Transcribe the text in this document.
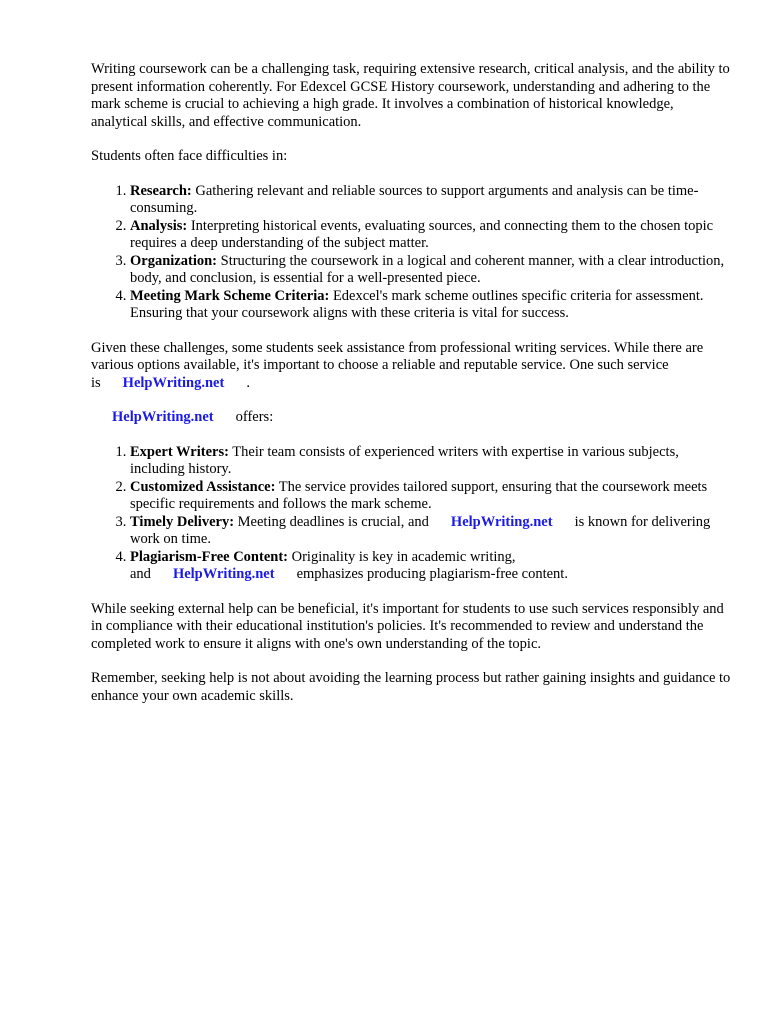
Writing coursework can be a challenging task, requiring extensive research, critical analysis, and the ability to present information coherently. For Edexcel GCSE History coursework, understanding and adhering to the mark scheme is crucial to achieving a high grade. It involves a combination of historical knowledge, analytical skills, and effective communication.

Students often face difficulties in:

1. Research: Gathering relevant and reliable sources to support arguments and analysis can be time-consuming.
2. Analysis: Interpreting historical events, evaluating sources, and connecting them to the chosen topic requires a deep understanding of the subject matter.
3. Organization: Structuring the coursework in a logical and coherent manner, with a clear introduction, body, and conclusion, is essential for a well-presented piece.
4. Meeting Mark Scheme Criteria: Edexcel's mark scheme outlines specific criteria for assessment. Ensuring that your coursework aligns with these criteria is vital for success.

Given these challenges, some students seek assistance from professional writing services. While there are various options available, it's important to choose a reliable and reputable service. One such service is HelpWriting.net .

HelpWriting.net offers:

1. Expert Writers: Their team consists of experienced writers with expertise in various subjects, including history.
2. Customized Assistance: The service provides tailored support, ensuring that the coursework meets specific requirements and follows the mark scheme.
3. Timely Delivery: Meeting deadlines is crucial, and HelpWriting.net is known for delivering work on time.
4. Plagiarism-Free Content: Originality is key in academic writing, and HelpWriting.net emphasizes producing plagiarism-free content.

While seeking external help can be beneficial, it's important for students to use such services responsibly and in compliance with their educational institution's policies. It's recommended to review and understand the completed work to ensure it aligns with one's own understanding of the topic.

Remember, seeking help is not about avoiding the learning process but rather gaining insights and guidance to enhance your own academic skills.
